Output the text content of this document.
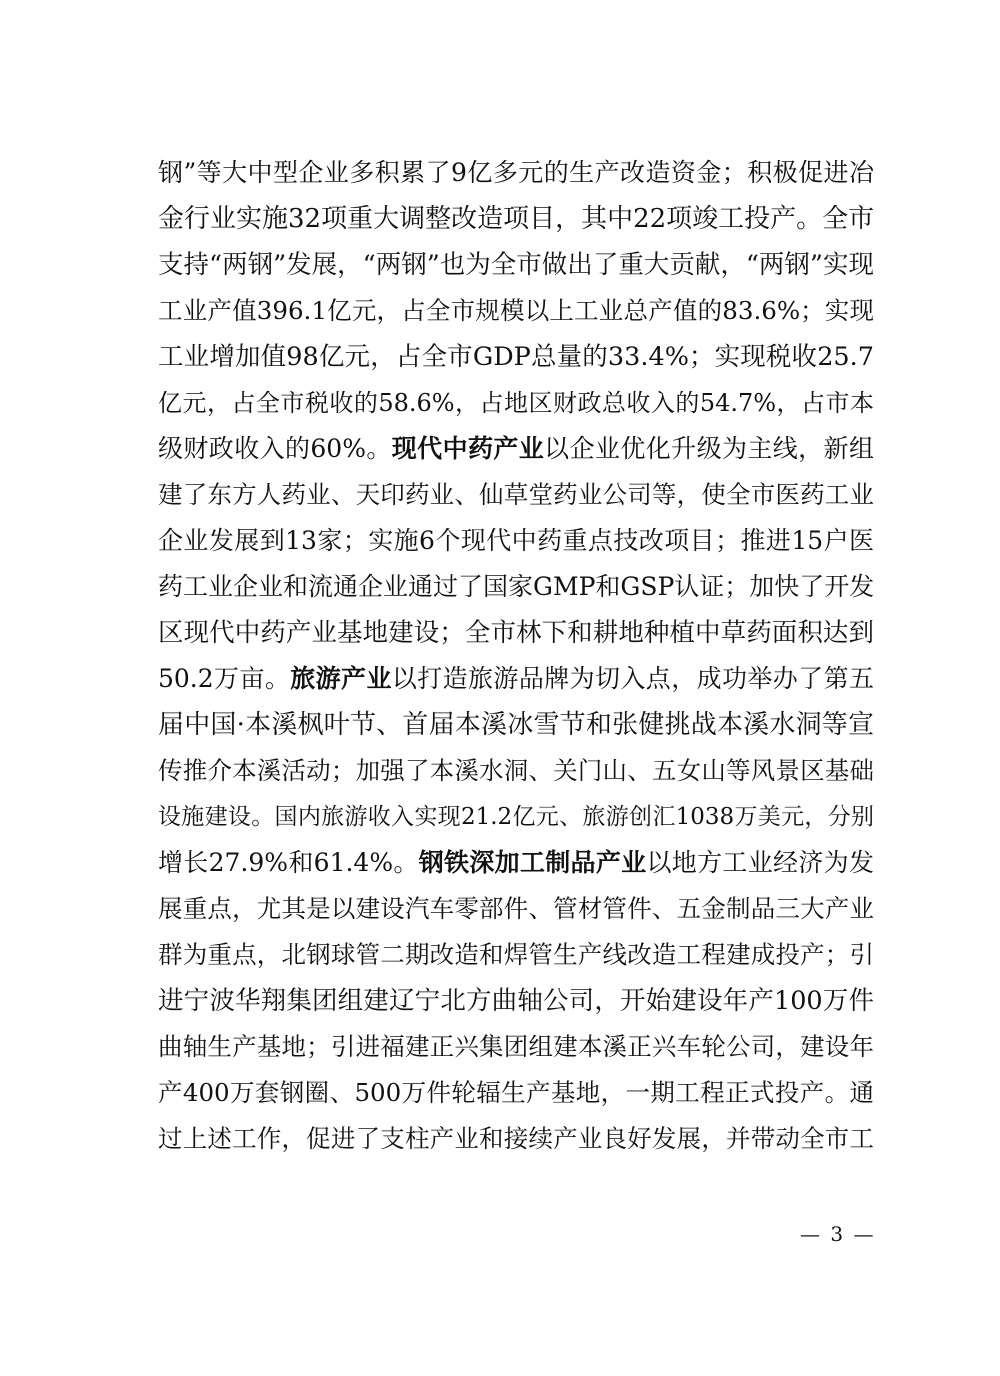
钢”等大中型企业多积累了9亿多元的生产改造资金；积极促进冶
金行业实施32项重大调整改造项目，其中22项竣工投产。全市
支持“两钢”发展，“两钢”也为全市做出了重大贡献，“两钢”实现
工业产值396.1亿元，占全市规模以上工业总产值的83.6%；实现
工业增加值98亿元，占全市GDP总量的33.4%；实现税收25.7
亿元，占全市税收的58.6%，占地区财政总收入的54.7%，占市本
级财政收入的60%。现代中药产业以企业优化升级为主线，新组
建了东方人药业、天印药业、仙草堂药业公司等，使全市医药工业
企业发展到13家；实施6个现代中药重点技改项目；推进15户医
药工业企业和流通企业通过了国家GMP和GSP认证；加快了开发
区现代中药产业基地建设；全市林下和耕地种植中草药面积达到
50.2万亩。旅游产业以打造旅游品牌为切入点，成功举办了第五
届中国·本溪枫叶节、首届本溪冰雪节和张健挑战本溪水洞等宣
传推介本溪活动；加强了本溪水洞、关门山、五女山等风景区基础
设施建设。国内旅游收入实现21.2亿元、旅游创汇1038万美元，分别
增长27.9%和61.4%。钢铁深加工制品产业以地方工业经济为发
展重点，尤其是以建设汽车零部件、管材管件、五金制品三大产业
群为重点，北钢球管二期改造和焊管生产线改造工程建成投产；引
进宁波华翔集团组建辽宁北方曲轴公司，开始建设年产100万件
曲轴生产基地；引进福建正兴集团组建本溪正兴车轮公司，建设年
产400万套钢圈、500万件轮辐生产基地，一期工程正式投产。通
过上述工作，促进了支柱产业和接续产业良好发展，并带动全市工
— 3 —
